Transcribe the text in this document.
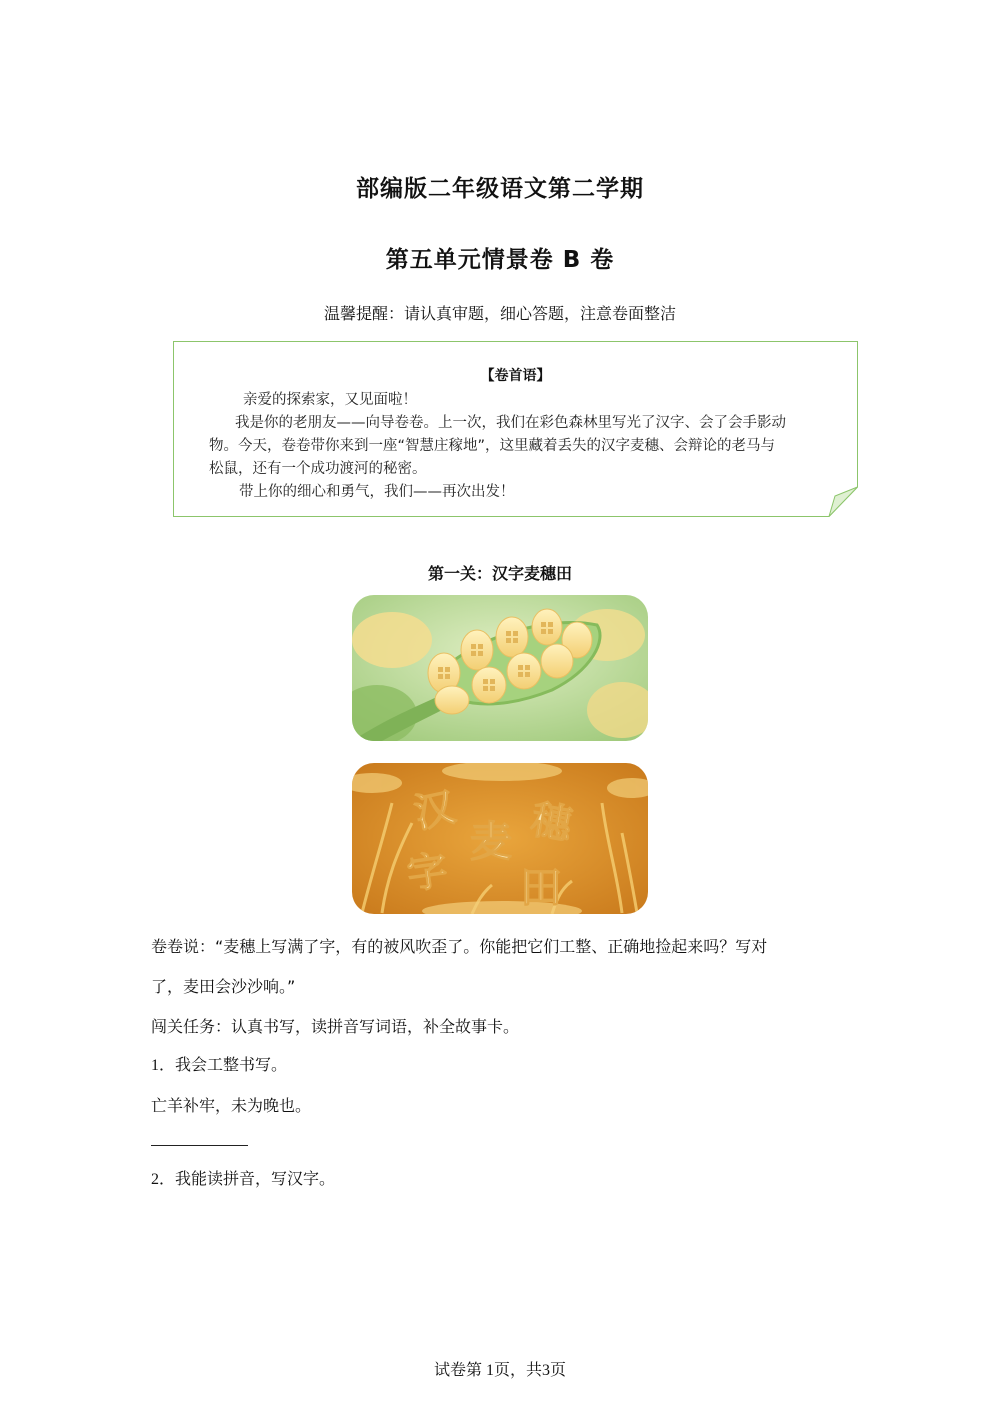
部编版二年级语文第二学期
第五单元情景卷 B 卷
温馨提醒：请认真审题，细心答题，注意卷面整洁
【卷首语】
亲爱的探索家，又见面啦！
我是你的老朋友——向导卷卷。上一次，我们在彩色森林里写光了汉字、会了会手影动
物。今天，卷卷带你来到一座“智慧庄稼地”，这里藏着丢失的汉字麦穗、会辩论的老马与
松鼠，还有一个成功渡河的秘密。
带上你的细心和勇气，我们——再次出发！
第一关：汉字麦穗田
汉
字
麦 穗
田
卷卷说：“麦穗上写满了字，有的被风吹歪了。你能把它们工整、正确地捡起来吗？写对
了，麦田会沙沙响。”
闯关任务：认真书写，读拼音写词语，补全故事卡。
1．我会工整书写。
亡羊补牢，未为晚也。
2．我能读拼音，写汉字。
试卷第 1页，共3页
